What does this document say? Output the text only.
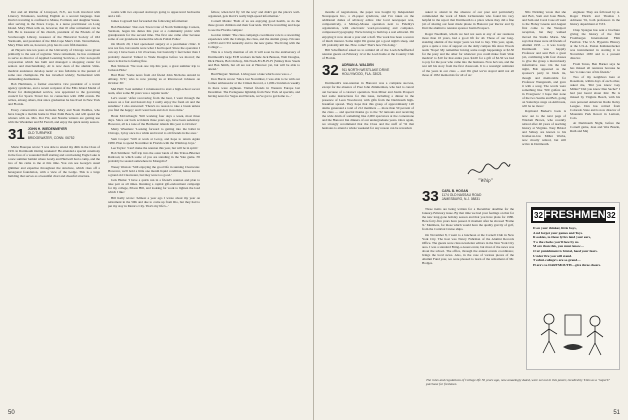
Dot and Al Ritchie of Liverpool, N.Y., are both involved with Literacy Volunteers, teaching English as a second language. Ken Davis's traveling is confined to Maine, Portland, and daughter Susan, after serving in the Peace Corps, is a nurse practitioner on Long Island. Mary Ellen tells us, however, that ill after retirement can be full. He is treasurer of his church, president of the Friends of the Scarborough Library, treasurer of the Historical Society of Old Yarmouth, and president of the Mid-Cape Men's Club. Nevertheless, Mary Ellen tells us, however, play has its own fifth mention.

Al Hayes's late ten years at the University of Chicago were given primarily to the seat of registrar. Since retirement, he has continued to serve as director of Applied Learning Services, a civic non-profit corporation which has built and managed a shopping center for seniors and merchandising. Al is now dean of the alumni 'slide-medical assistance develop teens' or less full-time to the pursuit of some rare champions. He has travelled widely; Switzerland with demanding destinations.

Bob Hartmann, a former executive vice president of a travel agency syndicate, and a recent recipient of the Ellis Island Medal of Honor for distinguished service, was appointed to the governing council for Sports Travel Inc. in connection with 1980 events. He writes, among others, that since graduation he has lived in New York and Florida.

Every conservative area includes Mary and Noah Puddles, who have bought a mobile home in West Palm Beach, and will spend the winters with us. Mrs. Dot Fix, and Natalie winters are getting use with the Wiedemer and Ed Ferrell, and enjoy the quick sunny season.

31 JOHN H. WIEDENMEYER
OLD TURNPIKE
BRIDGEWATER, CONN. 06752

Marie Bourque wrote: 'I was able to attend my 49th in the Class of 1931 in Dartmouth Outing weekend.' He attended a special ceremony in the face of a wounded bluff starting and overlooking Eagle Lake is a new summer hamlet where Grady and Hartwell had a camp, and the two of his came to me at this time. You can see George's usual glimmer and expertise throughout the structure, which rises off a hexagonal foundation, with a view of the Ledge. This is a large building that serves as a beautiful chart and cheerful structure.

rooms with two exposed stairways going to upper-level bedrooms and a loft.

James Cogswell had forwarded the following information:

Bob Blackmer: 'Our own Town Crier of North Tumbridge Corners, Vermont, began his duties this year at a community picnic with grandparents for the second time. The first one came after because some of our grandsons learned the whole Polish Polka.'

On March 29, I had open-heart surgery at a pacemaker clinic. It was not fun, but results were what I had hoped: Since the operation I can say I have been a bit vivacious, but basically I feel better than I probably deserve! Talked to Wade Douglas before we moved; the news is that he is feeling fine.

Ben Stimson: 'We took one trip this year, a great summer trip to Jackson Hole.'

Bud Hale: 'Some news from old friend John Nicholas Arnold in Albany, N.Y.; who is now joining us at Riverwood Johnson on October 30.'

Mel Hall: 'Last summer I volunteered to start a high-school soccer team, after some 80 years was a regular team.'

Let's sweat: 'After recovering from the heat, I went through the season on a fair and hazard day. I really enjoy the fresh air and the sunshine.' I also answered: 'There's no reason to take a break unless you find the happy,' and I went back and do it in no time.'

Brant McCullough: 'Still working four days a week, most three days. Since our back accidents three years ago, have been sedentary. However, all is a tone of the Hermanic islands this year to October.'

Matty Wiseman: 'Looking forward to getting into the ballet in Chicago, I play once in a while and travel to old friends in the area.'

Sam Cooper: 'Still at work at Leroy, and hope to return Again 1980. Plan to spend November in Florida with the Winthrop boys.'

Lee Taylor: 'Can't make the reunion this year, but will be in spirit.'

Bob Smithers: 'Jeff trip into the outer lands of this Trinos-Bilerner Railroad, in which some of you are standing in the Yale game. I'll probably be seated somewhere in Mongolia!'

Wesey Weston: 'Still enjoying the good life in sunning Clearwater. However, we'll hold a little one month liquid condition, hence lost in a grand old Clearwater, but they were too good.'

Jack Hume: 'I have a quick run in a friend's reunion and plan to take part as all times. Running a capital gift-endowment campaign for my college, Prison Hill, and looking for work to lighten the load which I like.'

Bill Kelly wrote: 'Almost a year ago I wrote about my year on retirement in the 50th and due to come up from Rio, but they had to put my stay in Mexico City. That's my life's...'

fellow, when he'd fly 'all the way' and didn't get the place's well-organized, gets that it's really high-speed information.'

Cornell Marks: 'Both of us are enjoying good health, as do the three grown children and their four kids. We'll be travelling and hope to see the Florida campus.'

Gordon trimm: 'The class campaign coordinator role is a rewarding experience with the College, the class, and the alumni group. I'm sure a DVD and CTO naturally and to the new game. The living with the College'—

This is a lovely mention of all. It will soon be the anniversary of Dartmouth's large ECB workers include Jack Benson, Walt Douglas, Dick Hearn, Bob Ordway, Jim Noah-Fri-Fi-Fi-Fi (Sidney Raw Steels and Ban Smith, but all are not at Hanover yet, but will be able to attend.'

Bud Hargon: 'Retired. Living near a lake which once was a...'

Don Harris wrote: 'Since last November, I was able to be with our former ambassador at the Citizen Record, a 1,000-circulation weekly in there were eighteen. Visited friends in Western Europe last December. The Portuguese lightship from New York ad specials, and having news for Vegas and Nevada, we've got to get home to...'

50

months of negotiations, the paper was bought by Independent Newspapers Inc., a 22-paper syndicate, and I've taken on the additional duties of advisory editor. Our local newspaper was, comparatively, a Mickey-Mouse operation next to Fidelity's organization, with electronic word-processing and computer-compressed typography. We're having to build up a real editorial. I'm enjoying it now about a year and a half. The work has been a source of much interest. Some night I'm gonna get a good night's sleep, and it'll probably kill me. How come? That's how I'm doing.'

Bill Schefflerhof asked us to remind all of the Loeb-Schefflerhof reunion guests on February 12 at the Loeb home at the Country Club of Florida.

32 ADRIAN A. WALDEN
911 NORTH WESTLAKE DRIVE
HOLLYWOOD, FLA. 33021

Dartmouth's non-reunion in Hanover was a complete success, except for the absence of Prez John Zimmerman, who had to cancel out because of a cataract operation. Stan Mixer and Justin Prospect had some instructions for this issue, including a dinner in the presence of Leon Woodward, with gifts from the Dartmouth high-breakfast spread. They hope that this group of approximately 120 alums generated a total of 212 members — more than 50 percent of the class — and special thanks go to the '32 turnouts and receiving the wide drum of something like 2,000 spectators at the cornerstone and the Hanover Inn dinners of our undergraduate years. Once again, we strongly recommend that the Class and the staff of '32 that hesitates to attend a whole weekend for any reason can be rewarded.

asked to attend in the absence of our prez and particularly commended the work of Mark Lichtenstein who found his very helpful in the report that Dartmouth is a place where they did a fine job of sharing our feast made phone in Hanover per Rector and by Dart the alumni to reunion sponsor Justin Prospect.

Roger Needham, whom we had not seen at any of our reunions more than 10 years, had a good lift for all. Those of our long-standing alumni of the larger years we had to buy. This year, again, gave a quite a vote of support on the daily campus life since Woods team: 'Nope! My remember having some rough happenings at $2.50 for the pony and the other for whatever you could make from 'slide medical' to $10 for that entire year. $4.00 for a gift of $2.50 we had to pay for the poor who came into the business. Now he's ten, and the rest tell his story from the first classroom. It is a nostalgic reminder of the years in our class ... and I'm glad we've stayed until not all those of 1932 memorials for all of us.'

"Whip"
33 CARL B. HOGAN
1174 OLD NASSAU ROAD
JAMESBURG, N.J. 08831

Three items are being written for a December deadline for the January-February issue. By that time we had your feelings on that for the new long-gone holiday season and that you have plans for 1980. Here forty-five years have passed. It moment after he showed 'Frame X.' Members, for those which would have the quality gravity of golf, from the Carnival Cruise ships.

On November 8, I went to a luncheon at the Cornell Club in New York City. The host was Nancy Fuhrman of the Alumni Records Office. The guests were class newsletter editors in the New York City area. I was a standard Bring-a-Guest event, but most of the news was about the school. The office, through the annual events coordinator, brings the local news. Also, in the case of various pieces of the Alumni Fund year, we were pleased to learn of the retirement of Mr. Hodges.

Nils Nickling wrote that she and Bob, Sam and Joan Black, and Sam and Carol Case all went to the Hobey Greens and August first come to the Westport reception, but they walked moved the Studio Marie. She says that these were all friends of Alumni 1933 — it was lovely. Dartmouth was happily Professor and sent Bob a great job, combining with four classes to give the group a marvelously informative tour. On the last night, Bob appeared as the sponsor's party in black tie, though and memorable for Professor Wengenoth, and gave it with a song. The words were something like '500 golfers are in Evergreen.' I hope that none of the two Seams and Bob, going on Saturdays stage on Ambrosia, will be no more.'

Raymond Barker's book is now out to the next page of Wisdom Brown, who recently retired after 40 years of teaching history at Virginia. Tony Bristol and Sidney are known to his brother-in-law Miller Warba, now mostly retired, but still active in Dartmouth.

engineer. They are followed by A. Roger Ehrich and Thomas J. Adriaeze '91, both professors in the history department at V.P.I.

Chap Sprague has sent a brochure giving the history of the first Fromberges International Film Festival. The U.S. Hypatria History at the U.S.A. Pasian Kalinkerdecker was instrumental in starting it in November 1930 and is a present director.

From Texas, Ben Barker says he has missed all reunions because he has 'to take care of his friends.'

Two of my neighbors here at Rosemont, within days of each other, asked me, 'Did you know Guy Miller?' Did you know Dan Sache?' I had just heard about this: He is missed by Virginia Beach, with his own personal American Radio Relay League. Dan has retired from Colorado State and is now director of Mountain Park Resort in Lamont, Colo.

At Dartmouth Night, before the Cornell game, Jean and Wes Brazin, Ruth and Maj

32 FRESHMEN 32
D on your thinker, little boys,
A nd forget your games and Toys.
R ookies, to these lyrics lend your ears,
T o the clocks you'll face by us.
M ore than this, you must know—
O ur punishment is brutal, heed your fears.
U nder fire you will stand.
T echni-college's are so grand—
H ere's to DARTMOUTH—give three cheers.
The rules and regulations of College life 50 years ago, now amazingly dated, were set out in this poster, recalled by 'Diex as a "superb" purchase for freshmen.
51
